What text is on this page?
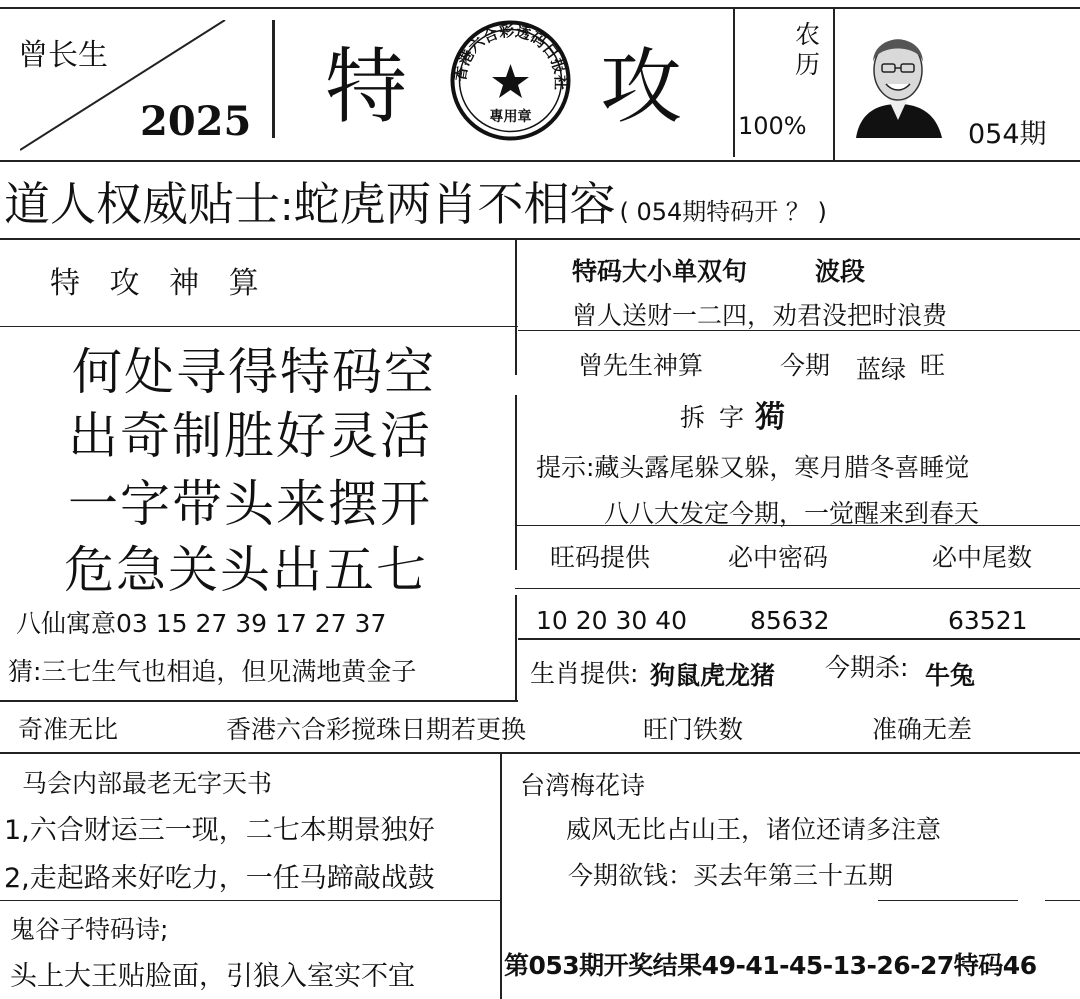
曾长生
2025 特 攻
香港六合彩透码日报社
專用章
农历
100%	054期
道人权威贴士 : 蛇虎两肖不相容 ( 054期特码开 ？ )
特 攻 神 算
何处寻得特码空
出奇制胜好灵活
一字带头来摆开
危急关头出五七
八仙寓意03 15 27 39 17 27 37
猜:三七生气也相追，但见满地黄金子
特码大小单双句	波段
曾人送财一二四，劝君没把时浪费
曾先生神算	今期 蓝绿 旺
拆 字 㺃
提示:藏头露尾躲又躲，寒月腊冬喜睡觉
八八大发定今期，一觉醒来到春天
旺码提供	必中密码	必中尾数
10 20 30 40	85632	63521
生肖提供: 狗鼠虎龙猪 今期杀: 牛兔
奇准无比	香港六合彩搅珠日期若更换	旺门铁数	准确无差
马会内部最老无字天书
1,六合财运三一现，二七本期景独好
2,走起路来好吃力，一任马蹄敲战鼓
鬼谷子特码诗;
头上大王贴脸面，引狼入室实不宜
台湾梅花诗
威风无比占山王，诸位还请多注意
今期欲钱：买去年第三十五期
第053期开奖结果49-41-45-13-26-27特码46
